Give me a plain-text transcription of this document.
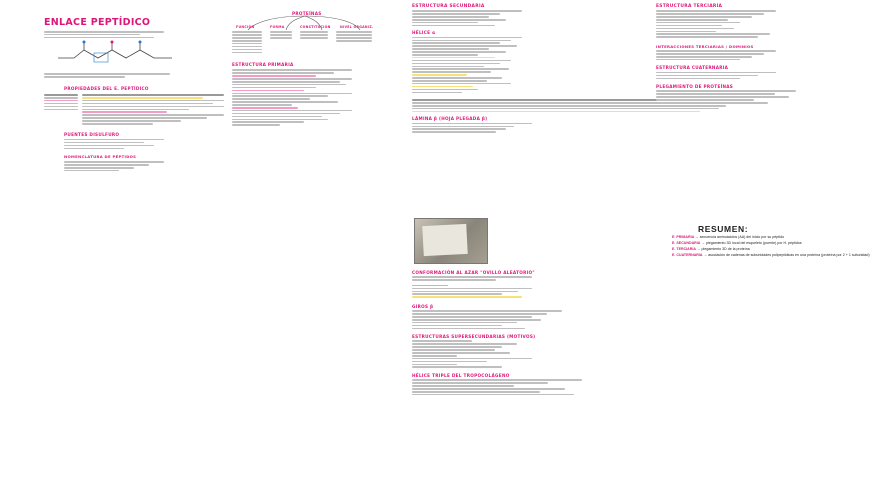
ENLACE PEPTÍDICO
PROPIEDADES DEL E. PEPTÍDICO
PUENTES DISULFURO
NOMENCLATURA DE PÉPTIDOS
PROTEÍNAS
FUNCIÓN	FORMA	CONSTITUCIÓN	NIVEL ORGANIZ.
ESTRUCTURA PRIMARIA
ESTRUCTURA SECUNDARIA
HÉLICE α
LÁMINA β (HOJA PLEGADA β)
CONFORMACIÓN AL AZAR "OVILLO ALEATORIO"
GIROS β
ESTRUCTURAS SUPERSECUNDARIAS (MOTIVOS)
HÉLICE TRIPLE DEL TROPOCOLÁGENO
ESTRUCTURA TERCIARIA
INTERACCIONES TERCIARIAS / DOMINIOS
ESTRUCTURA CUATERNARIA
PLEGAMIENTO DE PROTEÍNAS
RESUMEN:
E. PRIMARIA → secuencia aminoácidos (AA) del inicio por su péptido
E. SECUNDARIA → plegamiento 3D local del esqueleto (puente) por H. péptidos
E. TERCIARIA → plegamiento 3D de la proteína
E. CUATERNARIA → asociación de cadenas de subunidades polipeptídicas en una proteína (proteína por 2 + 1 subunidad)
